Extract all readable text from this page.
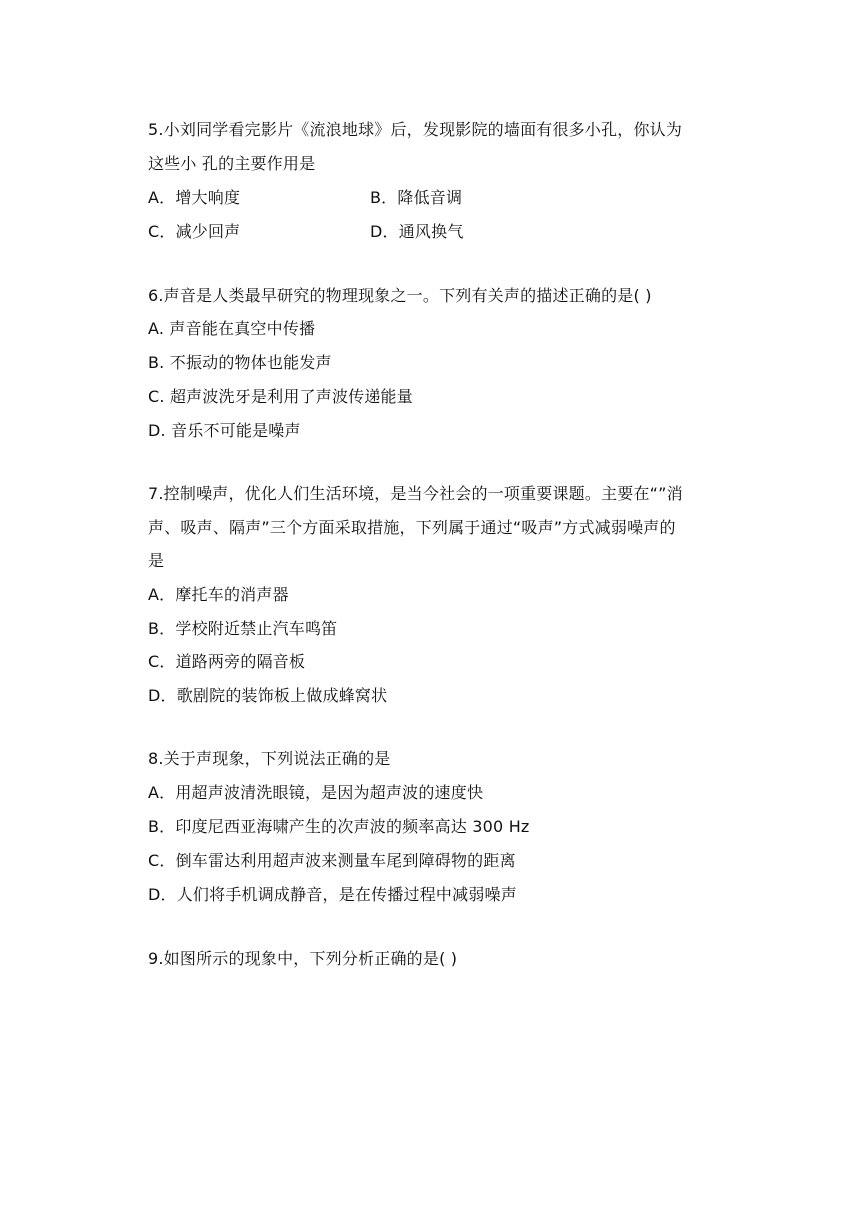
5.小刘同学看完影片《流浪地球》后，发现影院的墙面有很多小孔，你认为
这些小 孔的主要作用是
A．增大响度	B．降低音调
C．减少回声	D．通风换气
6.声音是人类最早研究的物理现象之一。下列有关声的描述正确的是( )
A. 声音能在真空中传播
B. 不振动的物体也能发声
C. 超声波洗牙是利用了声波传递能量
D. 音乐不可能是噪声
7.控制噪声，优化人们生活环境，是当今社会的一项重要课题。主要在“”消
声、吸声、隔声”三个方面采取措施，下列属于通过“吸声”方式减弱噪声的
是
A．摩托车的消声器
B．学校附近禁止汽车鸣笛
C．道路两旁的隔音板
D．歌剧院的装饰板上做成蜂窝状
8.关于声现象，下列说法正确的是
A．用超声波清洗眼镜，是因为超声波的速度快
B．印度尼西亚海啸产生的次声波的频率高达 300 Hz
C．倒车雷达利用超声波来测量车尾到障碍物的距离
D．人们将手机调成静音，是在传播过程中减弱噪声
9.如图所示的现象中，下列分析正确的是( )
